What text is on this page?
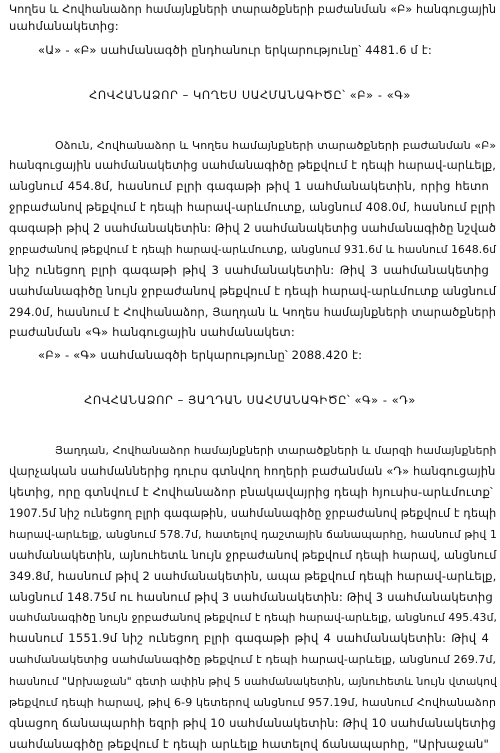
Կողես և Հովհանաձոր համայնքների տարածքների բաժանման «Բ» հանգուցային
սահմանակետից:
«Ա» - «Բ» սահմանագծի ընդհանուր երկարությունը՝ 4481.6 մ է:
ՀՈՎՀԱՆԱՁՈՐ – ԿՈՂԵՍ ՍԱՀՄԱՆԱԳԻԾԸ՝ «Բ» - «Գ»
Օձուն, Հովհանաձոր և Կողես համայնքների տարածքների բաժանման «Բ»
հանգուցային սահմանակետից սահմանագիծը թեքվում է դեպի հարավ-արևելք,
անցնում 454.8մ, հասնում բլրի գագաթի թիվ 1 սահմանակետին, որից հետո
ջրբաժանով թեքվում է դեպի հարավ-արևմուտք, անցնում 408.0մ, հասնում բլրի
գագաթի թիվ 2 սահմանակետին: Թիվ 2 սահմանակետից սահմանագիծը նշված
ջրբաժանով թեքվում է դեպի հարավ-արևմուտք, անցնում 931.6մ և հասնում 1648.6մ
նիշ ունեցող բլրի գագաթի թիվ 3 սահմանակետին: Թիվ 3 սահմանակետից
սահմանագիծը նույն ջրբաժանով թեքվում է դեպի հարավ-արևմուտք անցնում
294.0մ, հասնում է Հովհանաձոր, Յաղդան և Կողես համայնքների տարածքների
բաժանման «Գ» հանգուցային սահմանակետ:
«Բ» - «Գ» սահմանագծի երկարությունը՝ 2088.420 է:
ՀՈՎՀԱՆԱՁՈՐ – ՅԱՂԴԱՆ ՍԱՀՄԱՆԱԳԻԾԸ՝ «Գ» - «Դ»
Յաղդան, Հովհանաձոր համայնքների տարածքների և մարզի համայնքների
վարչական սահմաններից դուրս գտնվող հողերի բաժանման «Դ» հանգուցային
կետից, որը գտնվում է Հովհանաձոր բնակավայրից դեպի հյուսիս-արևմուտք՝
1907.5մ նիշ ունեցող բլրի գագաթին, սահմանագիծը ջրբաժանով թեքվում է դեպի
հարավ-արևելք, անցնում 578.7մ, հատելով դաշտային ճանապարհը, հասնում թիվ 1
սահմանակետին, այնուհետև նույն ջրբաժանով թեքվում դեպի հարավ, անցնում
349.8մ, հասնում թիվ 2 սահմանակետին, ապա թեքվում դեպի հարավ-արևելք,
անցնում 148.75մ ու հասնում թիվ 3 սահմանակետին: Թիվ 3 սահմանակետից
սահմանագիծը նույն ջրբաժանով թեքվում է դեպի հարավ-արևելք, անցնում 495.43մ,
հասնում 1551.9մ նիշ ունեցող բլրի գագաթի թիվ 4 սահմանակետին: Թիվ 4
սահմանակետից սահմանագիծը թեքվում է դեպի հարավ-արևելք, անցնում 269.7մ,
հասնում "Արխաջան" գետի ափին թիվ 5 սահմանակետին, այնուհետև նույն վտակով
թեքվում դեպի հարավ, թիվ 6-9 կետերով անցնում 957.19մ, հասնում Հովհանաձոր
գնացող ճանապարհի եզրի թիվ 10 սահմանակետին: Թիվ 10 սահմանակետից
սահմանագիծը թեքվում է դեպի արևելք հատելով ճանապարհը, "Արխաջան"
